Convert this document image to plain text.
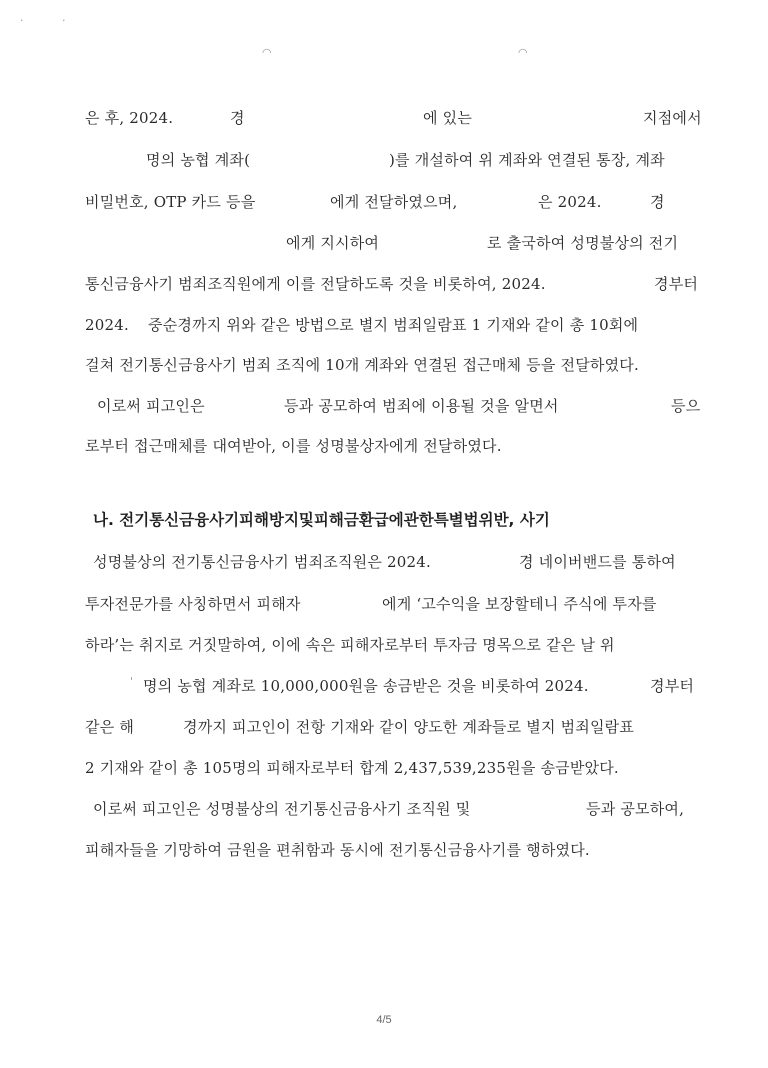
·	·
◠	◠
은 후, 2024.	경	에 있는	지점에서
명의 농협 계좌(	)를 개설하여 위 계좌와 연결된 통장, 계좌
비밀번호, OTP 카드 등을	에게 전달하였으며,	은 2024.	경
에게 지시하여	로 출국하여 성명불상의 전기
통신금융사기 범죄조직원에게 이를 전달하도록 것을 비롯하여, 2024.	경부터
2024. 중순경까지 위와 같은 방법으로 별지 범죄일람표 1 기재와 같이 총 10회에
걸쳐 전기통신금융사기 범죄 조직에 10개 계좌와 연결된 접근매체 등을 전달하였다.
이로써 피고인은	등과 공모하여 범죄에 이용될 것을 알면서	등으
로부터 접근매체를 대여받아, 이를 성명불상자에게 전달하였다.
나. 전기통신금융사기피해방지및피해금환급에관한특별법위반, 사기
성명불상의 전기통신금융사기 범죄조직원은 2024.	경 네이버밴드를 통하여
투자전문가를 사칭하면서 피해자	에게 ‘고수익을 보장할테니 주식에 투자를
하라’는 취지로 거짓말하여, 이에 속은 피해자로부터 투자금 명목으로 같은 날 위
' 명의 농협 계좌로 10,000,000원을 송금받은 것을 비롯하여 2024.	경부터
같은 해	경까지 피고인이 전항 기재와 같이 양도한 계좌들로 별지 범죄일람표
2 기재와 같이 총 105명의 피해자로부터 합계 2,437,539,235원을 송금받았다.
이로써 피고인은 성명불상의 전기통신금융사기 조직원 및	등과 공모하여,
피해자들을 기망하여 금원을 편취함과 동시에 전기통신금융사기를 행하였다.
4/5
